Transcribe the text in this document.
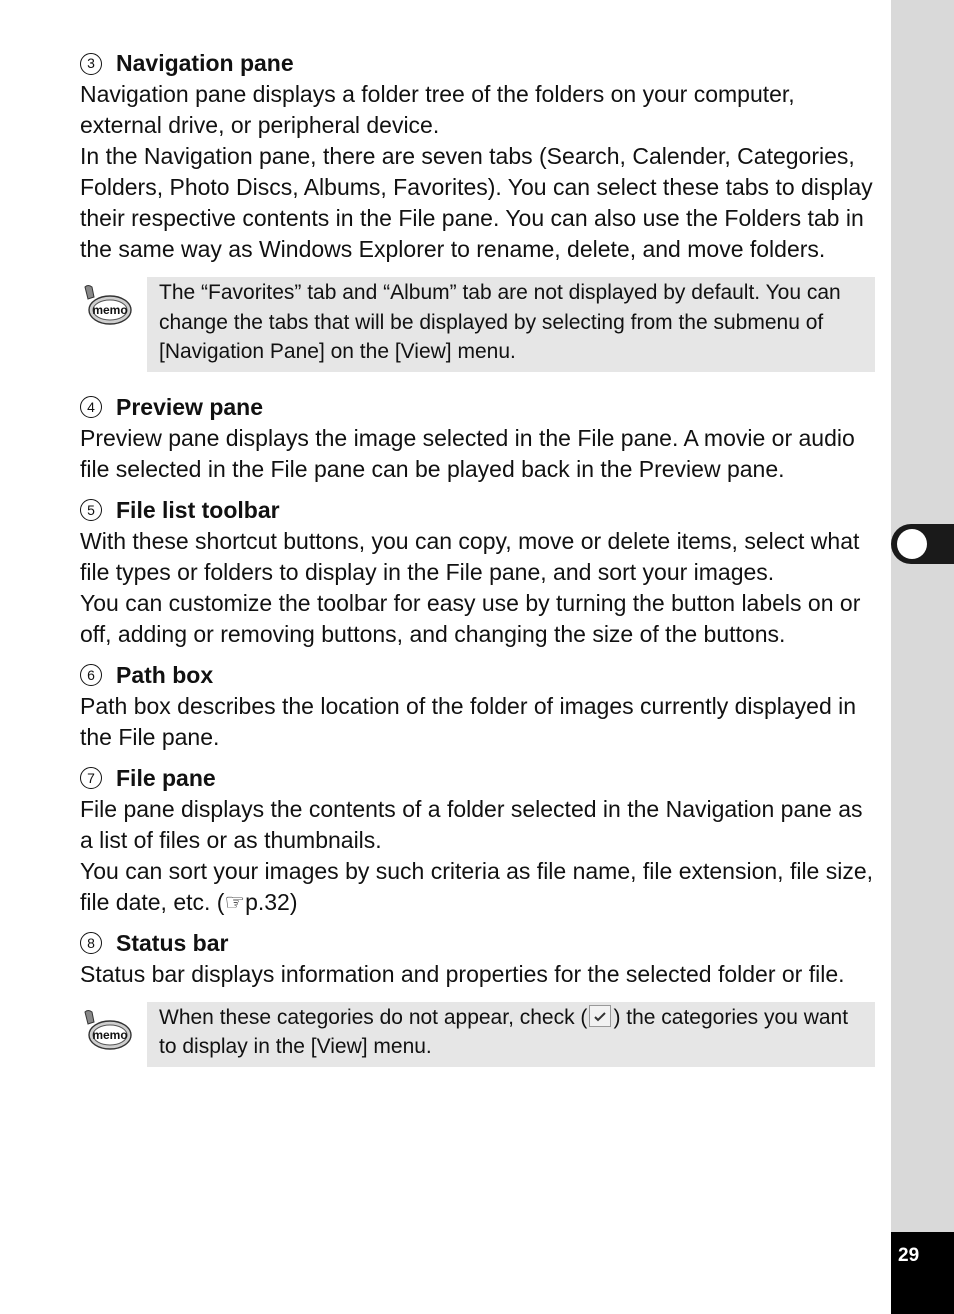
29
3 Navigation pane

Navigation pane displays a folder tree of the folders on your computer, external drive, or peripheral device.

In the Navigation pane, there are seven tabs (Search, Calender, Categories, Folders, Photo Discs, Albums, Favorites). You can select these tabs to display their respective contents in the File pane. You can also use the Folders tab in the same way as Windows Explorer to rename, delete, and move folders.

memo
The “Favorites” tab and “Album” tab are not displayed by default. You can change the tabs that will be displayed by selecting from the submenu of [Navigation Pane] on the [View] menu.
4 Preview pane

Preview pane displays the image selected in the File pane. A movie or audio file selected in the File pane can be played back in the Preview pane.

5 File list toolbar

With these shortcut buttons, you can copy, move or delete items, select what file types or folders to display in the File pane, and sort your images.

You can customize the toolbar for easy use by turning the button labels on or off, adding or removing buttons, and changing the size of the buttons.

6 Path box

Path box describes the location of the folder of images currently displayed in the File pane.

7 File pane

File pane displays the contents of a folder selected in the Navigation pane as a list of files or as thumbnails.

You can sort your images by such criteria as file name, file extension, file size, file date, etc. (☞p.32)

8 Status bar

Status bar displays information and properties for the selected folder or file.

memo
When these categories do not appear, check ( ) the categories you want to display in the [View] menu.
